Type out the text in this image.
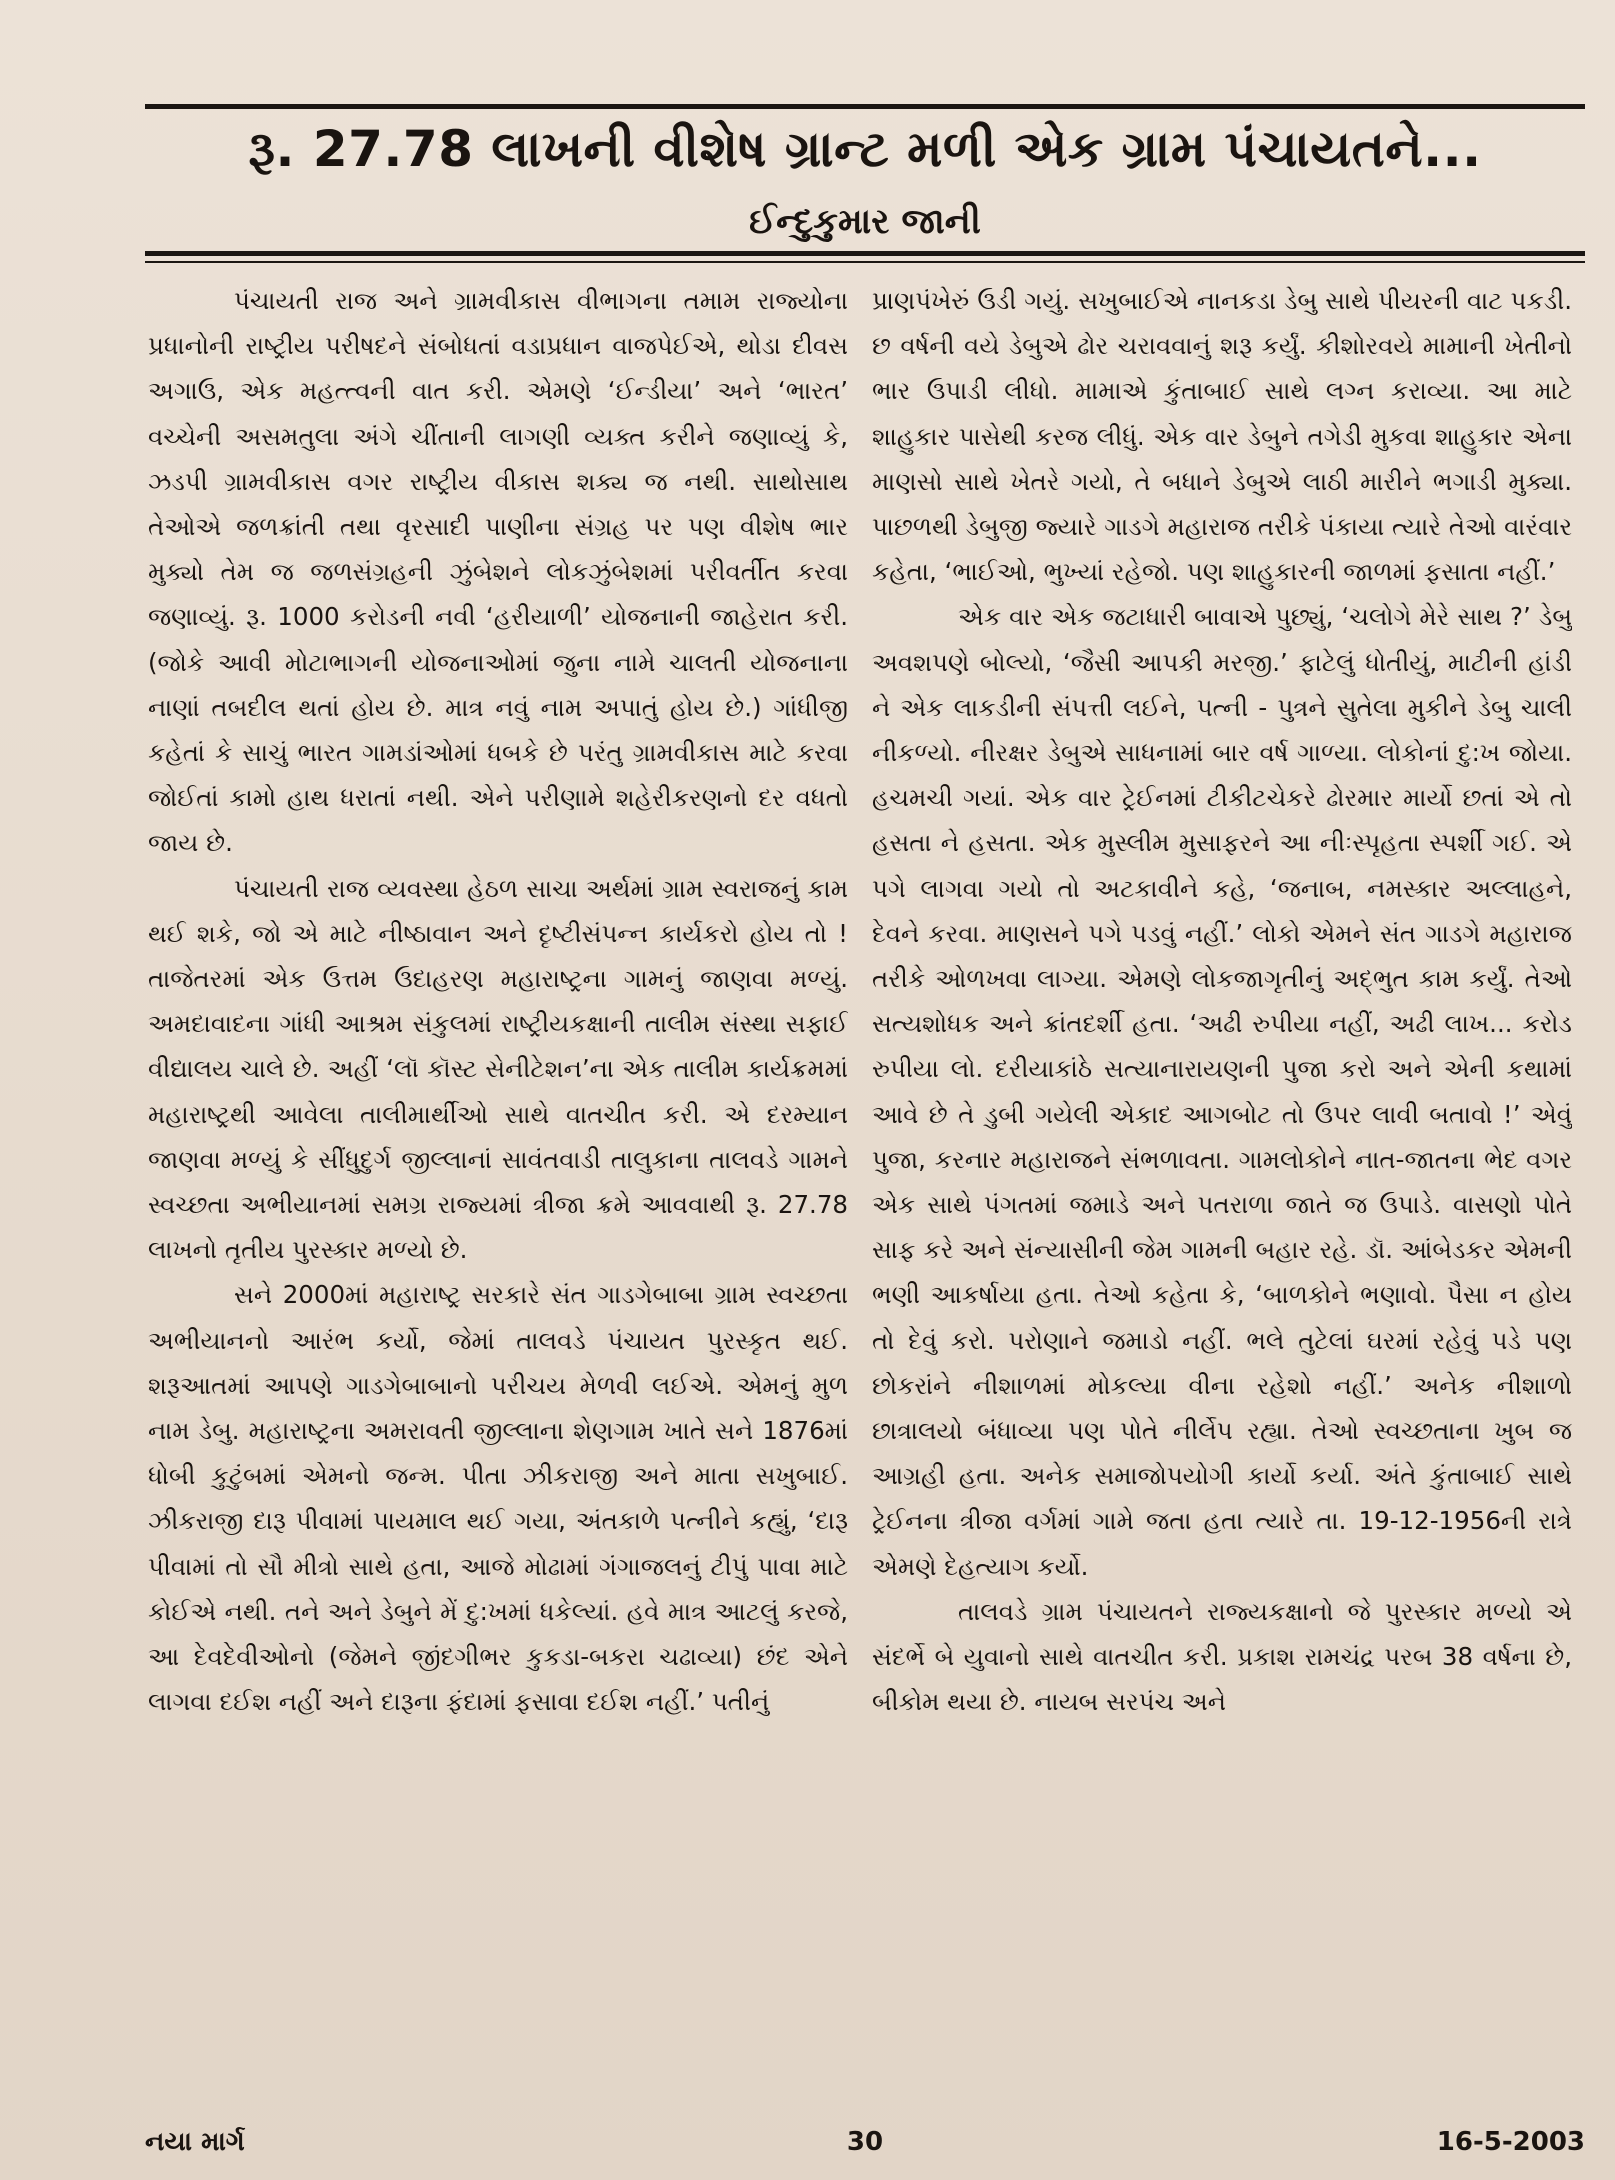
રૂ. 27.78 લાખની વીશેષ ગ્રાન્ટ મળી એક ગ્રામ પંચાયતને...
ઈન્દુકુમાર જાની

પંચાયતી રાજ અને ગ્રામવીકાસ વીભાગના તમામ રાજ્યોના પ્રધાનોની રાષ્ટ્રીય પરીષદને સંબોધતાં વડાપ્રધાન વાજપેઈએ, થોડા દીવસ અગાઉ, એક મહત્ત્વની વાત કરી. એમણે ‘ઈન્ડીયા’ અને ‘ભારત’ વચ્ચેની અસમતુલા અંગે ચીંતાની લાગણી વ્યક્ત કરીને જણાવ્યું કે, ઝડપી ગ્રામવીકાસ વગર રાષ્ટ્રીય વીકાસ શક્ય જ નથી. સાથોસાથ તેઓએ જળક્રાંતી તથા વૃરસાદી પાણીના સંગ્રહ પર પણ વીશેષ ભાર મુક્યો તેમ જ જળસંગ્રહની ઝુંબેશને લોકઝુંબેશમાં પરીવર્તીત કરવા જણાવ્યું. રૂ. 1000 કરોડની નવી ‘હરીયાળી’ યોજનાની જાહેરાત કરી. (જોકે આવી મોટાભાગની યોજનાઓમાં જુના નામે ચાલતી યોજનાના નાણાં તબદીલ થતાં હોય છે. માત્ર નવું નામ અપાતું હોય છે.) ગાંધીજી કહેતાં કે સાચું ભારત ગામડાંઓમાં ધબકે છે પરંતુ ગ્રામવીકાસ માટે કરવા જોઈતાં કામો હાથ ધરાતાં નથી. એને પરીણામે શહેરીકરણનો દર વધતો જાય છે.

પંચાયતી રાજ વ્યવસ્થા હેઠળ સાચા અર્થમાં ગ્રામ સ્વરાજનું કામ થઈ શકે, જો એ માટે નીષ્ઠાવાન અને દૃષ્ટીસંપન્ન કાર્યકરો હોય તો ! તાજેતરમાં એક ઉત્તમ ઉદાહરણ મહારાષ્ટ્રના ગામનું જાણવા મળ્યું. અમદાવાદના ગાંધી આશ્રમ સંકુલમાં રાષ્ટ્રીયકક્ષાની તાલીમ સંસ્થા સફાઈ વીદ્યાલય ચાલે છે. અહીં ‘લૉ કૉસ્ટ સેનીટેશન’ના એક તાલીમ કાર્યક્રમમાં મહારાષ્ટ્રથી આવેલા તાલીમાર્થીઓ સાથે વાતચીત કરી. એ દરમ્યાન જાણવા મળ્યું કે સીંધુદુર્ગ જીલ્લાનાં સાવંતવાડી તાલુકાના તાલવડે ગામને સ્વચ્છતા અભીયાનમાં સમગ્ર રાજ્યમાં ત્રીજા ક્રમે આવવાથી રૂ. 27.78 લાખનો તૃતીય પુરસ્કાર મળ્યો છે.

સને 2000માં મહારાષ્ટ્ર સરકારે સંત ગાડગેબાબા ગ્રામ સ્વચ્છતા અભીયાનનો આરંભ કર્યો, જેમાં તાલવડે પંચાયત પુરસ્કૃત થઈ. શરૂઆતમાં આપણે ગાડગેબાબાનો પરીચય મેળવી લઈએ. એમનું મુળ નામ ડેબુ. મહારાષ્ટ્રના અમરાવતી જીલ્લાના શેણગામ ખાતે સને 1876માં ધોબી કુટુંબમાં એમનો જન્મ. પીતા ઝીકરાજી અને માતા સખુબાઈ. ઝીકરાજી દારૂ પીવામાં પાયમાલ થઈ ગયા, અંતકાળે પત્નીને કહ્યું, ‘દારૂ પીવામાં તો સૌ મીત્રો સાથે હતા, આજે મોઢામાં ગંગાજલનું ટીપું પાવા માટે કોઈએ નથી. તને અને ડેબુને મેં દુ:ખમાં ધકેલ્યાં. હવે માત્ર આટલું કરજે, આ દેવદેવીઓનો (જેમને જીંદગીભર કુકડા-બકરા ચઢાવ્યા) છંદ એને લાગવા દઈશ નહીં અને દારૂના ફંદામાં ફસાવા દઈશ નહીં.’ પતીનું

પ્રાણપંખેરું ઉડી ગયું. સખુબાઈએ નાનકડા ડેબુ સાથે પીયરની વાટ પકડી. છ વર્ષની વયે ડેબુએ ઢોર ચરાવવાનું શરૂ કર્યું. કીશોરવયે મામાની ખેતીનો ભાર ઉપાડી લીધો. મામાએ કુંતાબાઈ સાથે લગ્ન કરાવ્યા. આ માટે શાહુકાર પાસેથી કરજ લીધું. એક વાર ડેબુને તગેડી મુકવા શાહુકાર એના માણસો સાથે ખેતરે ગયો, તે બધાને ડેબુએ લાઠી મારીને ભગાડી મુક્યા. પાછળથી ડેબુજી જ્યારે ગાડગે મહારાજ તરીકે પંકાયા ત્યારે તેઓ વારંવાર કહેતા, ‘ભાઈઓ, ભુખ્યાં રહેજો. પણ શાહુકારની જાળમાં ફસાતા નહીં.’

એક વાર એક જટાધારી બાવાએ પુછ્યું, ‘ચલોગે મેરે સાથ ?’ ડેબુ અવશપણે બોલ્યો, ‘જૈસી આપકી મરજી.’ ફાટેલું ધોતીયું, માટીની હાંડી ને એક લાકડીની સંપત્તી લઈને, પત્ની - પુત્રને સુતેલા મુકીને ડેબુ ચાલી નીકળ્યો. નીરક્ષર ડેબુએ સાધનામાં બાર વર્ષ ગાળ્યા. લોકોનાં દુ:ખ જોયા. હચમચી ગયાં. એક વાર ટ્રેઈનમાં ટીકીટચેકરે ઢોરમાર માર્યો છતાં એ તો હસતા ને હસતા. એક મુસ્લીમ મુસાફરને આ નીઃસ્પૃહતા સ્પર્શી ગઈ. એ પગે લાગવા ગયો તો અટકાવીને કહે, ‘જનાબ, નમસ્કાર અલ્લાહને, દેવને કરવા. માણસને પગે પડવું નહીં.’ લોકો એમને સંત ગાડગે મહારાજ તરીકે ઓળખવા લાગ્યા. એમણે લોકજાગૃતીનું અદ્ભુત કામ કર્યું. તેઓ સત્યશોધક અને ક્રાંતદર્શી હતા. ‘અઢી રુપીયા નહીં, અઢી લાખ... કરોડ રુપીયા લો. દરીયાકાંઠે સત્યાનારાયણની પુજા કરો અને એની કથામાં આવે છે તે ડુબી ગયેલી એકાદ આગબોટ તો ઉપર લાવી બતાવો !’ એવું પુજા, કરનાર મહારાજને સંભળાવતા. ગામલોકોને નાત-જાતના ભેદ વગર એક સાથે પંગતમાં જમાડે અને પતરાળા જાતે જ ઉપાડે. વાસણો પોતે સાફ કરે અને સંન્યાસીની જેમ ગામની બહાર રહે. ડૉ. આંબેડકર એમની ભણી આકર્ષાયા હતા. તેઓ કહેતા કે, ‘બાળકોને ભણાવો. પૈસા ન હોય તો દેવું કરો. પરોણાને જમાડો નહીં. ભલે તુટેલાં ઘરમાં રહેવું પડે પણ છોકરાંને નીશાળમાં મોકલ્યા વીના રહેશો નહીં.’ અનેક નીશાળો છાત્રાલયો બંધાવ્યા પણ પોતે નીર્લેપ રહ્યા. તેઓ સ્વચ્છતાના ખુબ જ આગ્રહી હતા. અનેક સમાજોપયોગી કાર્યો કર્યા. અંતે કુંતાબાઈ સાથે ટ્રેઈનના ત્રીજા વર્ગમાં ગામે જતા હતા ત્યારે તા. 19-12-1956ની રાત્રે એમણે દેહત્યાગ કર્યો.

તાલવડે ગ્રામ પંચાયતને રાજ્યકક્ષાનો જે પુરસ્કાર મળ્યો એ સંદર્ભે બે યુવાનો સાથે વાતચીત કરી. પ્રકાશ રામચંદ્ર પરબ 38 વર્ષના છે, બીકોમ થયા છે. નાયબ સરપંચ અને

નયા માર્ગ	30	16-5-2003
